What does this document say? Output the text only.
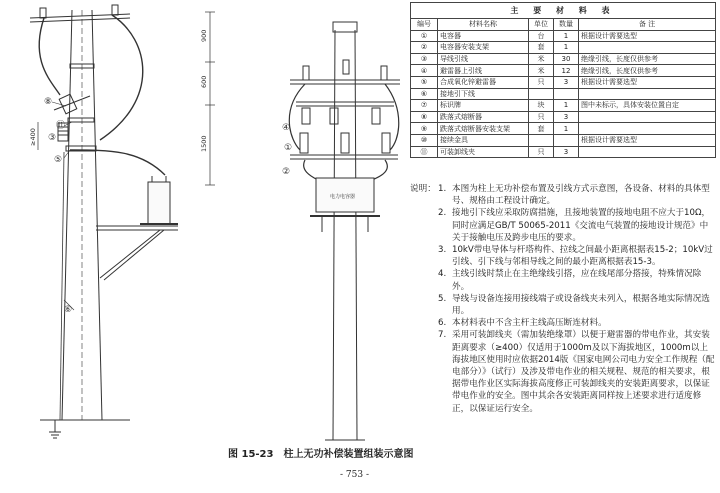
900
600
1500
≥400
电力电容器
⑧
⑪
③
⑤
⑥
④
①
②
主 要 材 料 表
编号	材料名称	单位	数量	备 注
①	电容器	台	1	根据设计需要选型
②	电容器安装支架	套	1	
③	导线引线	米	30	绝缘引线，长度仅供参考
④	避雷器上引线	米	12	绝缘引线，长度仅供参考
⑤	合成氧化锌避雷器	只	3	根据设计需要选型
⑥	接地引下线			
⑦	标识牌	块	1	图中未标示，具体安装位置自定
⑧	跌落式熔断器	只	3	
⑨	跌落式熔断器安装支架	套	1	
⑩	接续金具			根据设计需要选型
⑪	可装卸线夹	只	3	
说明： 1. 本图为柱上无功补偿布置及引线方式示意图，各设备、材料的具体型号、规格由工程设计确定。
2. 接地引下线应采取防腐措施，且接地装置的接地电阻不应大于10Ω，同时应满足GB/T 50065-2011《交流电气装置的接地设计规范》中关于接触电压及跨步电压的要求。
3. 10kV带电导体与杆塔构件、拉线之间最小距离根据表15-2；10kV过引线、引下线与邻相导线之间的最小距离根据表15-3。
4. 主线引线时禁止在主绝缘线引搭，应在线尾部分搭接，特殊情况除外。
5. 导线与设备连接用接线端子或设备线夹未列入，根据各地实际情况选用。
6. 本材料表中不含主杆主线高压断连材料。
7. 采用可装卸线夹（需加装绝缘罩）以便于避雷器的带电作业，其安装距离要求（≥400）仅适用于1000m及以下海拔地区，1000m以上海拔地区使用时应依据2014版《国家电网公司电力安全工作规程（配电部分）》（试行）及涉及带电作业的相关规程、规范的相关要求，根据带电作业区实际海拔高度修正可装卸线夹的安装距离要求，以保证带电作业的安全。图中其余各安装距离同样按上述要求进行适度修正，以保证运行安全。
图 15-23　柱上无功补偿装置组装示意图
- 753 -
